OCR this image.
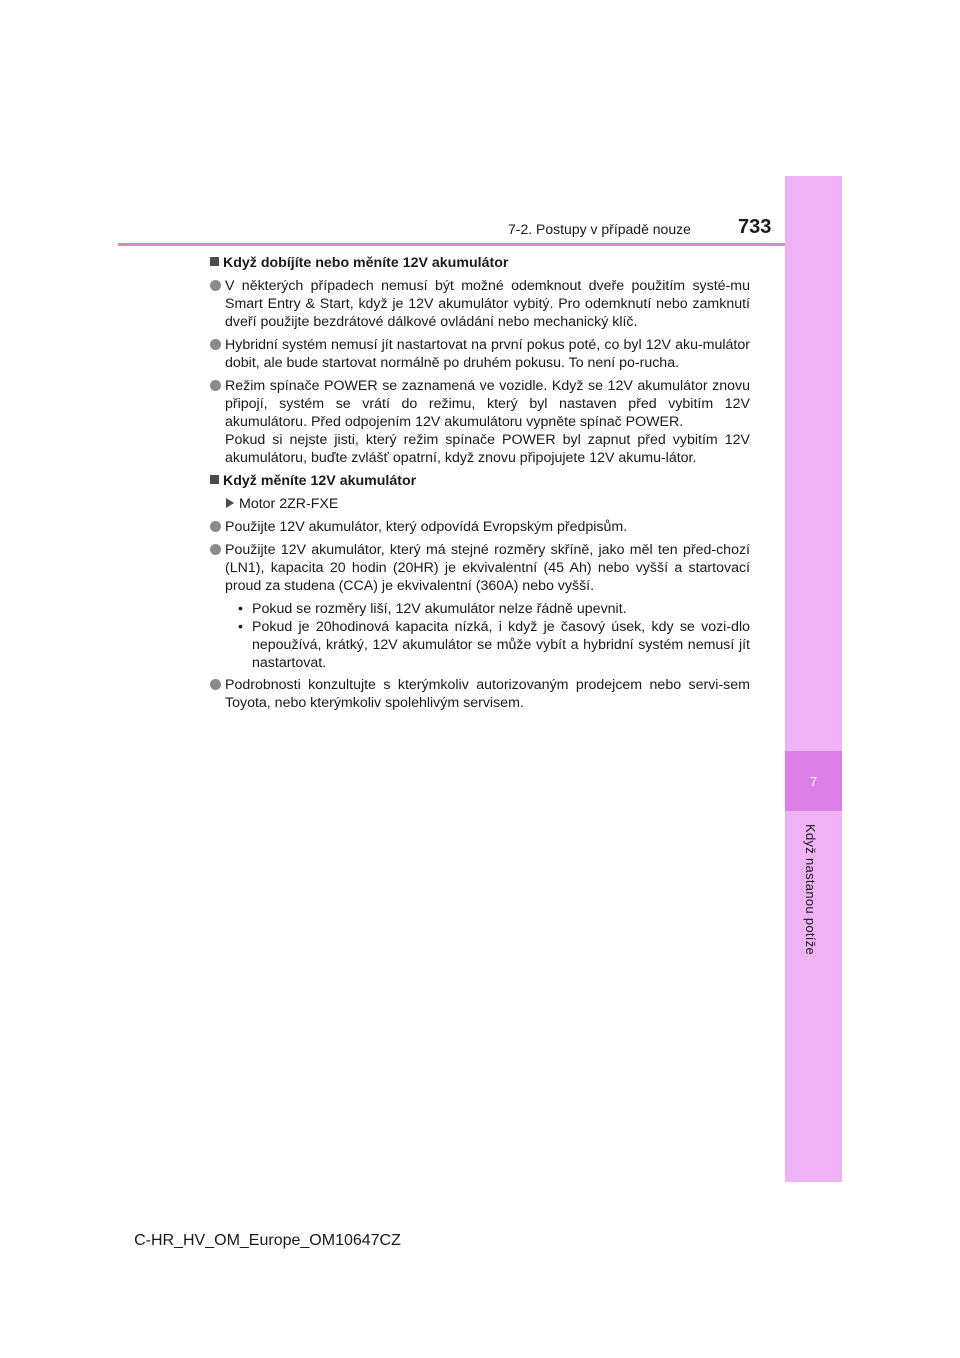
7
Když nastanou potíže
7-2. Postupy v případě nouze 733
Když dobíjíte nebo měníte 12V akumulátor
V některých případech nemusí být možné odemknout dveře použitím systé-mu Smart Entry & Start, když je 12V akumulátor vybitý. Pro odemknutí nebo zamknutí dveří použijte bezdrátové dálkové ovládání nebo mechanický klíč.
Hybridní systém nemusí jít nastartovat na první pokus poté, co byl 12V aku-mulátor dobit, ale bude startovat normálně po druhém pokusu. To není po-rucha.
Režim spínače POWER se zaznamená ve vozidle. Když se 12V akumulátor znovu připojí, systém se vrátí do režimu, který byl nastaven před vybitím 12V akumulátoru. Před odpojením 12V akumulátoru vypněte spínač POWER.
Pokud si nejste jisti, který režim spínače POWER byl zapnut před vybitím 12V akumulátoru, buďte zvlášť opatrní, když znovu připojujete 12V akumu-látor.
Když měníte 12V akumulátor
Motor 2ZR-FXE
Použijte 12V akumulátor, který odpovídá Evropským předpisům.
Použijte 12V akumulátor, který má stejné rozměry skříně, jako měl ten před-chozí (LN1), kapacita 20 hodin (20HR) je ekvivalentní (45 Ah) nebo vyšší a startovací proud za studena (CCA) je ekvivalentní (360A) nebo vyšší.
• Pokud se rozměry liší, 12V akumulátor nelze řádně upevnit.
• Pokud je 20hodinová kapacita nízká, i když je časový úsek, kdy se vozi-dlo nepoužívá, krátký, 12V akumulátor se může vybít a hybridní systém nemusí jít nastartovat.
Podrobnosti konzultujte s kterýmkoliv autorizovaným prodejcem nebo servi-sem Toyota, nebo kterýmkoliv spolehlivým servisem.
C-HR_HV_OM_Europe_OM10647CZ
